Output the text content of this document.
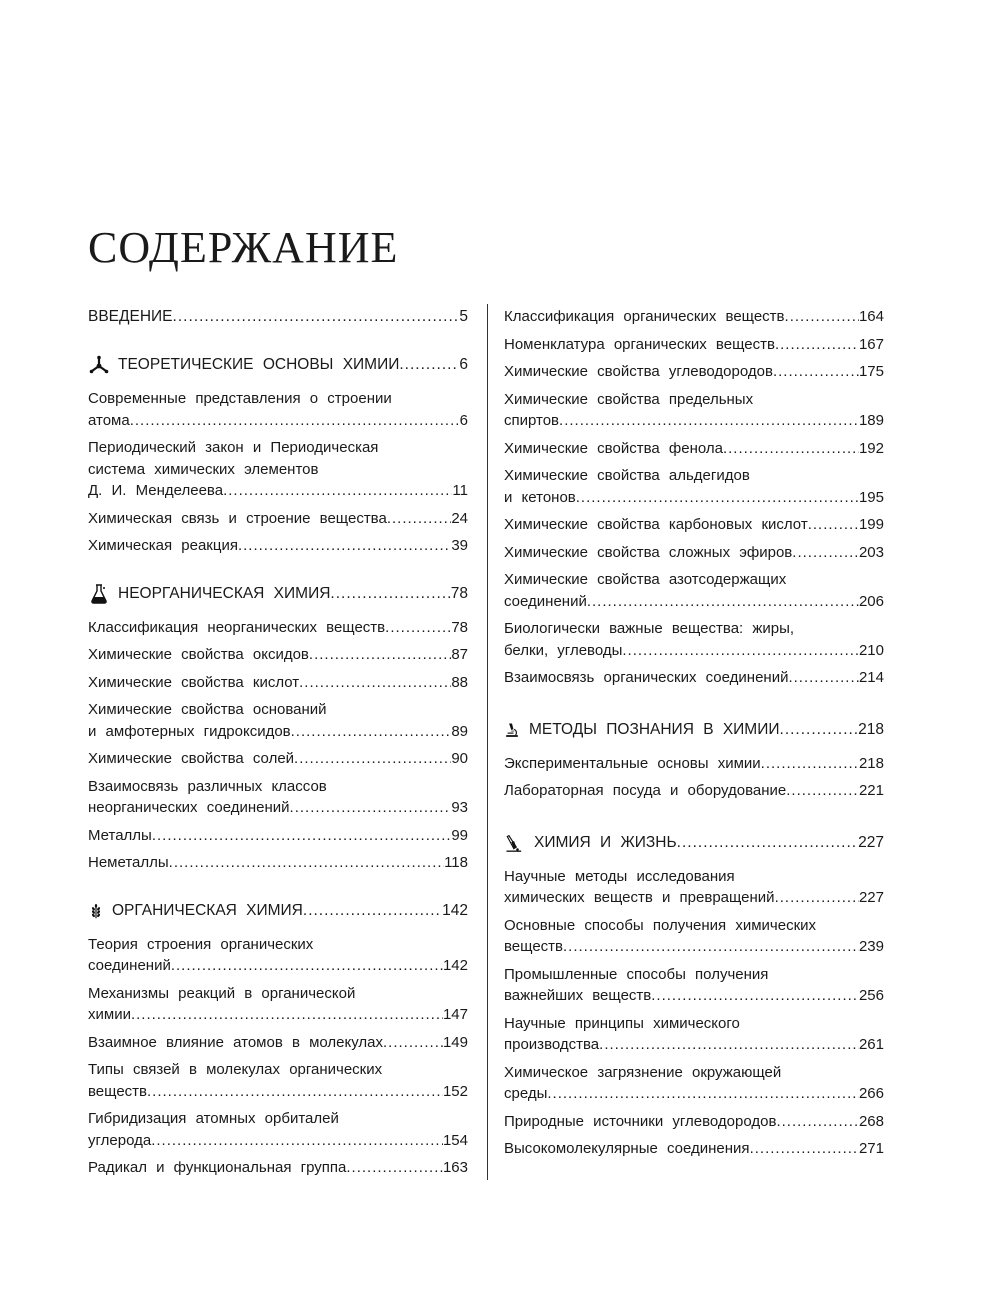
СОДЕРЖАНИЕ
ВВЕДЕНИЕ .....	5
ТЕОРЕТИЧЕСКИЕ ОСНОВЫ ХИМИИ .....	6
Современные представления о строении
атома .....	6
Периодический закон и Периодическая
система химических элементов
Д. И. Менделеева .....	11
Химическая связь и строение вещества .....	24
Химическая реакция .....	39
НЕОРГАНИЧЕСКАЯ ХИМИЯ .....	78
Классификация неорганических веществ .....	78
Химические свойства оксидов .....	87
Химические свойства кислот .....	88
Химические свойства оснований
и амфотерных гидроксидов .....	89
Химические свойства солей .....	90
Взаимосвязь различных классов
неорганических соединений .....	93
Металлы .....	99
Неметаллы .....	118
ОРГАНИЧЕСКАЯ ХИМИЯ .....	142
Теория строения органических
соединений .....	142
Механизмы реакций в органической
химии .....	147
Взаимное влияние атомов в молекулах .....	149
Типы связей в молекулах органических
веществ .....	152
Гибридизация атомных орбиталей
углерода .....	154
Радикал и функциональная группа .....	163
Классификация органических веществ .....	164
Номенклатура органических веществ .....	167
Химические свойства углеводородов .....	175
Химические свойства предельных
спиртов .....	189
Химические свойства фенола .....	192
Химические свойства альдегидов
и кетонов .....	195
Химические свойства карбоновых кислот .....	199
Химические свойства сложных эфиров .....	203
Химические свойства азотсодержащих
соединений .....	206
Биологически важные вещества: жиры,
белки, углеводы .....	210
Взаимосвязь органических соединений .....	214
МЕТОДЫ ПОЗНАНИЯ В ХИМИИ .....	218
Экспериментальные основы химии .....	218
Лабораторная посуда и оборудование .....	221
ХИМИЯ И ЖИЗНЬ .....	227
Научные методы исследования
химических веществ и превращений .....	227
Основные способы получения химических
веществ .....	239
Промышленные способы получения
важнейших веществ .....	256
Научные принципы химического
производства .....	261
Химическое загрязнение окружающей
среды .....	266
Природные источники углеводородов .....	268
Высокомолекулярные соединения .....	271
